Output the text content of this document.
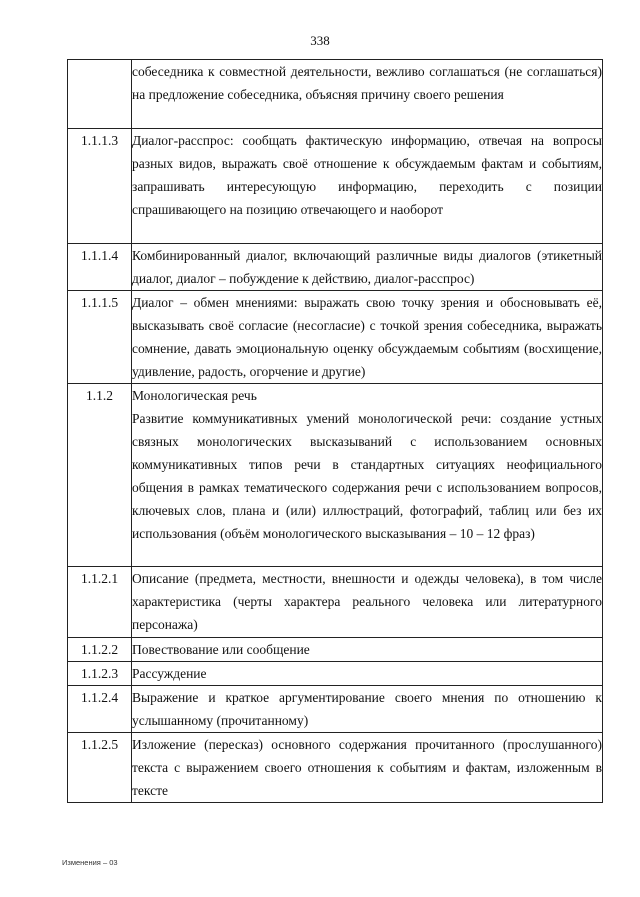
338

	собеседника к совместной деятельности, вежливо соглашаться (не соглашаться) на предложение собеседника, объясняя причину своего решения

1.1.1.3	Диалог-расспрос: сообщать фактическую информацию, отвечая на вопросы разных видов, выражать своё отношение к обсуждаемым фактам и событиям, запрашивать интересующую информацию, переходить с позиции спрашивающего на позицию отвечающего и наоборот

1.1.1.4	Комбинированный диалог, включающий различные виды диалогов (этикетный диалог, диалог – побуждение к действию, диалог-расспрос)

1.1.1.5	Диалог – обмен мнениями: выражать свою точку зрения и обосновывать её, высказывать своё согласие (несогласие) с точкой зрения собеседника, выражать сомнение, давать эмоциональную оценку обсуждаемым событиям (восхищение, удивление, радость, огорчение и другие)

1.1.2	Монологическая речь
Развитие коммуникативных умений монологической речи: создание устных связных монологических высказываний с использованием основных коммуникативных типов речи в стандартных ситуациях неофициального общения в рамках тематического содержания речи с использованием вопросов, ключевых слов, плана и (или) иллюстраций, фотографий, таблиц или без их использования (объём монологического высказывания – 10 – 12 фраз)

1.1.2.1	Описание (предмета, местности, внешности и одежды человека), в том числе характеристика (черты характера реального человека или литературного персонажа)

1.1.2.2	Повествование или сообщение

1.1.2.3	Рассуждение

1.1.2.4	Выражение и краткое аргументирование своего мнения по отношению к услышанному (прочитанному)

1.1.2.5	Изложение (пересказ) основного содержания прочитанного (прослушанного) текста с выражением своего отношения к событиям и фактам, изложенным в тексте
Изменения – 03
